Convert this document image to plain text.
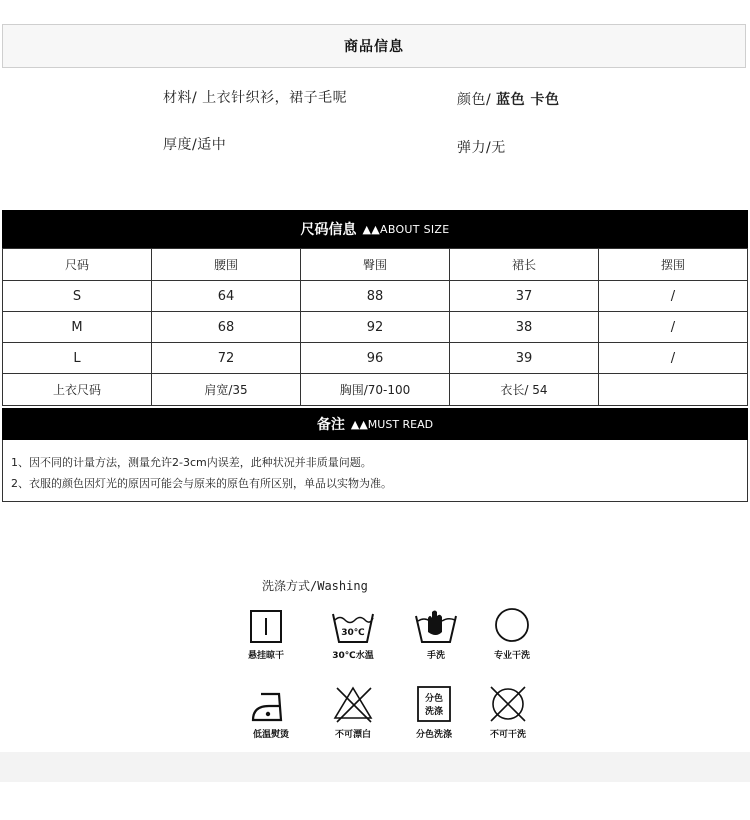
商品信息
材料/ 上衣针织衫，裙子毛呢	颜色/ 蓝色 卡色
厚度/适中	弹力/无
尺码信息 ▲▲ABOUT SIZE
尺码	腰围	臀围	裙长	摆围
S	64	88	37	/
M	68	92	38	/
L	72	96	39	/
上衣尺码	肩宽/35	胸围/70-100	衣长/ 54	
备注 ▲▲MUST READ
1、因不同的计量方法，测量允许2-3cm内误差，此种状况并非质量问题。
2、衣服的颜色因灯光的原因可能会与原来的原色有所区别，单品以实物为准。
洗涤方式/Washing
悬挂晾干
30℃
30℃水温	手洗	专业干洗
低温熨烫	不可漂白
分色
洗涤
分色洗涤	不可干洗
